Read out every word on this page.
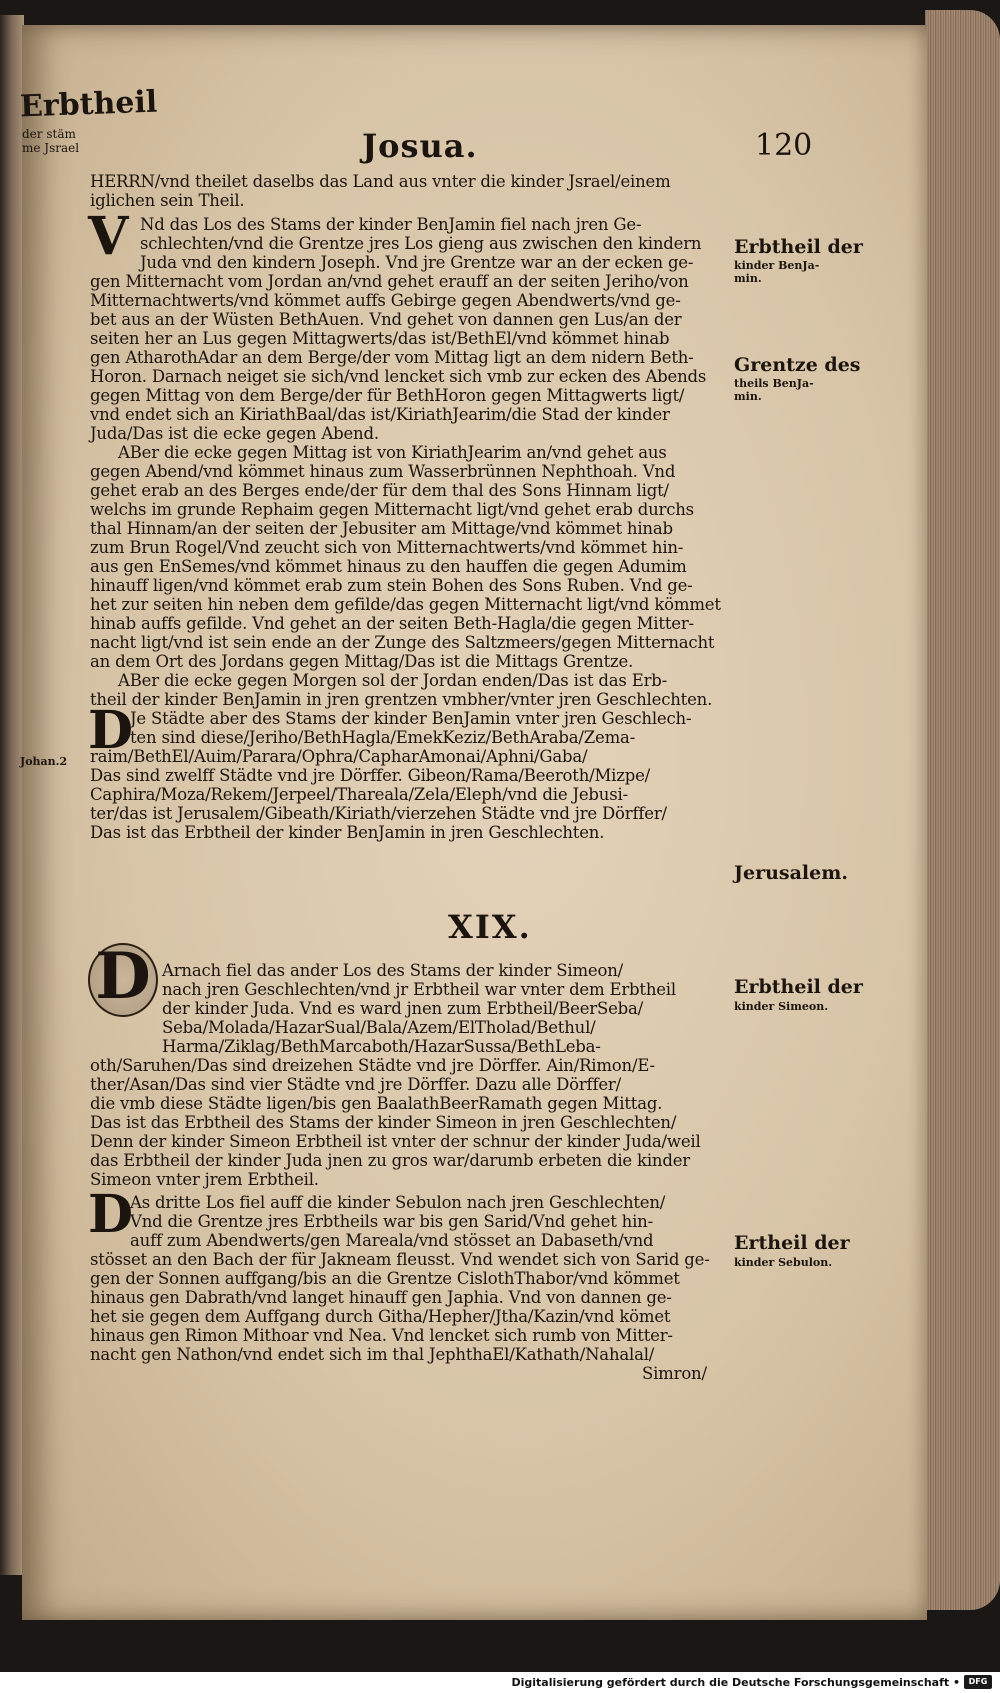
Erbtheil
der stäm me Jsrael	Josua.	120
HERRN/vnd theilet daselbs das Land aus vnter die kinder Jsrael/einem
iglichen sein Theil.
V Nd das Los des Stams der kinder BenJamin fiel nach jren Ge-
schlechten/vnd die Grentze jres Los gieng aus zwischen den kindern
Juda vnd den kindern Joseph. Vnd jre Grentze war an der ecken ge-
gen Mitternacht vom Jordan an/vnd gehet erauff an der seiten Jeriho/von
Mitternachtwerts/vnd kömmet auffs Gebirge gegen Abendwerts/vnd ge-
bet aus an der Wüsten BethAuen. Vnd gehet von dannen gen Lus/an der
seiten her an Lus gegen Mittagwerts/das ist/BethEl/vnd kömmet hinab
gen AtharothAdar an dem Berge/der vom Mittag ligt an dem nidern Beth-
Horon. Darnach neiget sie sich/vnd lencket sich vmb zur ecken des Abends
gegen Mittag von dem Berge/der für BethHoron gegen Mittagwerts ligt/
vnd endet sich an KiriathBaal/das ist/KiriathJearim/die Stad der kinder
Juda/Das ist die ecke gegen Abend.
ABer die ecke gegen Mittag ist von KiriathJearim an/vnd gehet aus
gegen Abend/vnd kömmet hinaus zum Wasserbrünnen Nephthoah. Vnd
gehet erab an des Berges ende/der für dem thal des Sons Hinnam ligt/
welchs im grunde Rephaim gegen Mitternacht ligt/vnd gehet erab durchs
thal Hinnam/an der seiten der Jebusiter am Mittage/vnd kömmet hinab
zum Brun Rogel/Vnd zeucht sich von Mitternachtwerts/vnd kömmet hin-
aus gen EnSemes/vnd kömmet hinaus zu den hauffen die gegen Adumim
hinauff ligen/vnd kömmet erab zum stein Bohen des Sons Ruben. Vnd ge-
het zur seiten hin neben dem gefilde/das gegen Mitternacht ligt/vnd kömmet
hinab auffs gefilde. Vnd gehet an der seiten Beth-Hagla/die gegen Mitter-
nacht ligt/vnd ist sein ende an der Zunge des Saltzmeers/gegen Mitternacht
an dem Ort des Jordans gegen Mittag/Das ist die Mittags Grentze.
ABer die ecke gegen Morgen sol der Jordan enden/Das ist das Erb-
theil der kinder BenJamin in jren grentzen vmbher/vnter jren Geschlechten.
D
Je Städte aber des Stams der kinder BenJamin vnter jren Geschlech-
ten sind diese/Jeriho/BethHagla/EmekKeziz/BethAraba/Zema-
raim/BethEl/Auim/Parara/Ophra/CapharAmonai/Aphni/Gaba/
Das sind zwelff Städte vnd jre Dörffer. Gibeon/Rama/Beeroth/Mizpe/
Caphira/Moza/Rekem/Jerpeel/Thareala/Zela/Eleph/vnd die Jebusi-
ter/das ist Jerusalem/Gibeath/Kiriath/vierzehen Städte vnd jre Dörffer/
Das ist das Erbtheil der kinder BenJamin in jren Geschlechten.
XIX.
D Arnach fiel das ander Los des Stams der kinder Simeon/
nach jren Geschlechten/vnd jr Erbtheil war vnter dem Erbtheil
der kinder Juda. Vnd es ward jnen zum Erbtheil/BeerSeba/
Seba/Molada/HazarSual/Bala/Azem/ElTholad/Bethul/
Harma/Ziklag/BethMarcaboth/HazarSussa/BethLeba-
oth/Saruhen/Das sind dreizehen Städte vnd jre Dörffer. Ain/Rimon/E-
ther/Asan/Das sind vier Städte vnd jre Dörffer. Dazu alle Dörffer/
die vmb diese Städte ligen/bis gen BaalathBeerRamath gegen Mittag.
Das ist das Erbtheil des Stams der kinder Simeon in jren Geschlechten/
Denn der kinder Simeon Erbtheil ist vnter der schnur der kinder Juda/weil
das Erbtheil der kinder Juda jnen zu gros war/darumb erbeten die kinder
Simeon vnter jrem Erbtheil.
D
As dritte Los fiel auff die kinder Sebulon nach jren Geschlechten/
Vnd die Grentze jres Erbtheils war bis gen Sarid/Vnd gehet hin-
auff zum Abendwerts/gen Mareala/vnd stösset an Dabaseth/vnd
stösset an den Bach der für Jakneam fleusst. Vnd wendet sich von Sarid ge-
gen der Sonnen auffgang/bis an die Grentze CislothThabor/vnd kömmet
hinaus gen Dabrath/vnd langet hinauff gen Japhia. Vnd von dannen ge-
het sie gegen dem Auffgang durch Githa/Hepher/Jtha/Kazin/vnd kömet
hinaus gen Rimon Mithoar vnd Nea. Vnd lencket sich rumb von Mitter-
nacht gen Nathon/vnd endet sich im thal JephthaEl/Kathath/Nahalal/
Simron/
Erbtheil der
kinder BenJa- min.
Grentze des
theils BenJa- min.
Jerusalem.
Erbtheil der
kinder Simeon.
Ertheil der
kinder Sebulon.
Johan.2
Digitalisierung gefördert durch die Deutsche Forschungsgemeinschaft •	DFG
